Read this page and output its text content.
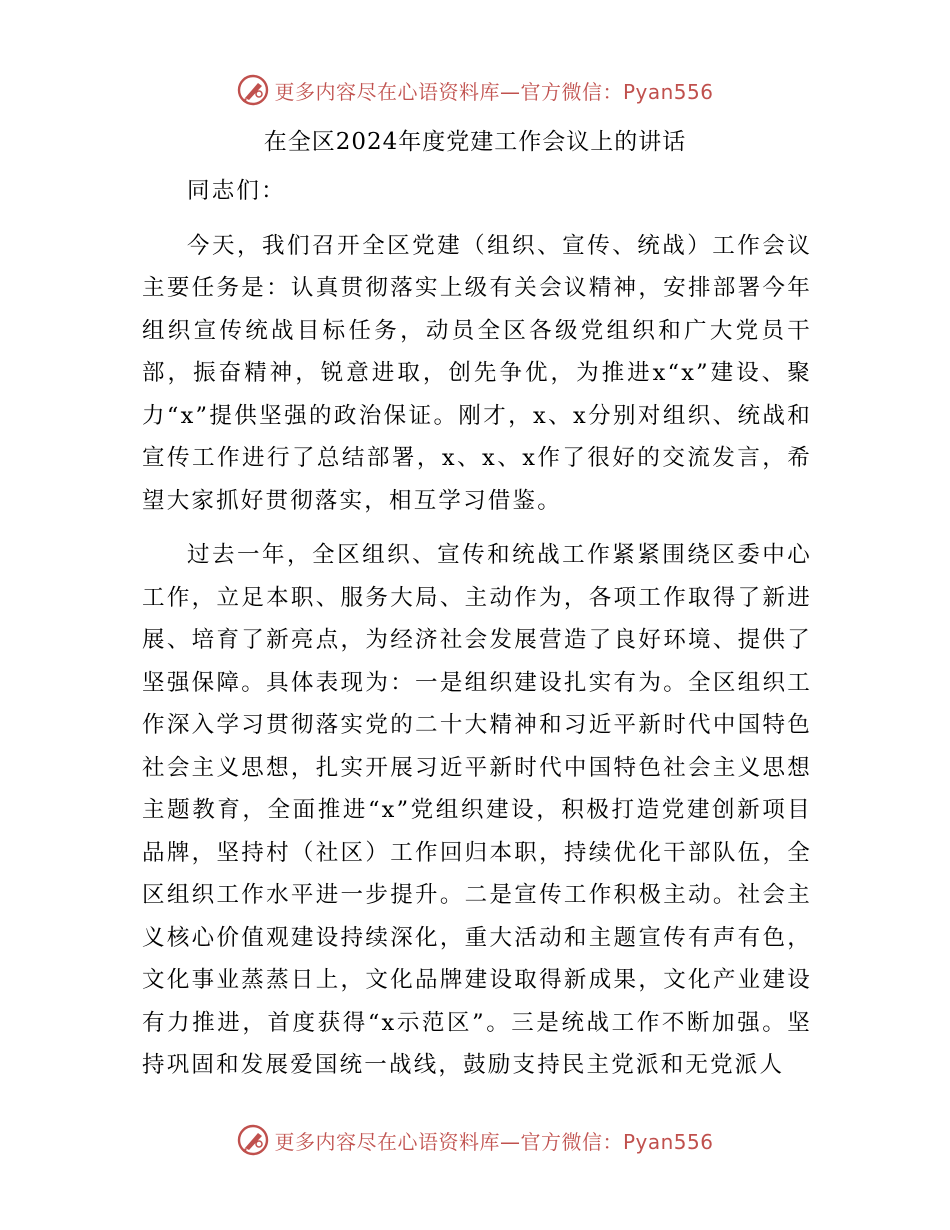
更多内容尽在心语资料库—官方微信：Pyan556
在全区2024年度党建工作会议上的讲话

同志们：

今天，我们召开全区党建（组织、宣传、统战）工作会议主要任务是：认真贯彻落实上级有关会议精神，安排部署今年组织宣传统战目标任务，动员全区各级党组织和广大党员干部，振奋精神，锐意进取，创先争优，为推进x“x”建设、聚力“x”提供坚强的政治保证。刚才，x、x分别对组织、统战和宣传工作进行了总结部署，x、x、x作了很好的交流发言，希望大家抓好贯彻落实，相互学习借鉴。

过去一年，全区组织、宣传和统战工作紧紧围绕区委中心工作，立足本职、服务大局、主动作为，各项工作取得了新进展、培育了新亮点，为经济社会发展营造了良好环境、提供了坚强保障。具体表现为：一是组织建设扎实有为。全区组织工作深入学习贯彻落实党的二十大精神和习近平新时代中国特色社会主义思想，扎实开展习近平新时代中国特色社会主义思想主题教育，全面推进“x”党组织建设，积极打造党建创新项目品牌，坚持村（社区）工作回归本职，持续优化干部队伍，全区组织工作水平进一步提升。二是宣传工作积极主动。社会主义核心价值观建设持续深化，重大活动和主题宣传有声有色，文化事业蒸蒸日上，文化品牌建设取得新成果，文化产业建设有力推进，首度获得“x示范区”。三是统战工作不断加强。坚持巩固和发展爱国统一战线，鼓励支持民主党派和无党派人

更多内容尽在心语资料库—官方微信：Pyan556
